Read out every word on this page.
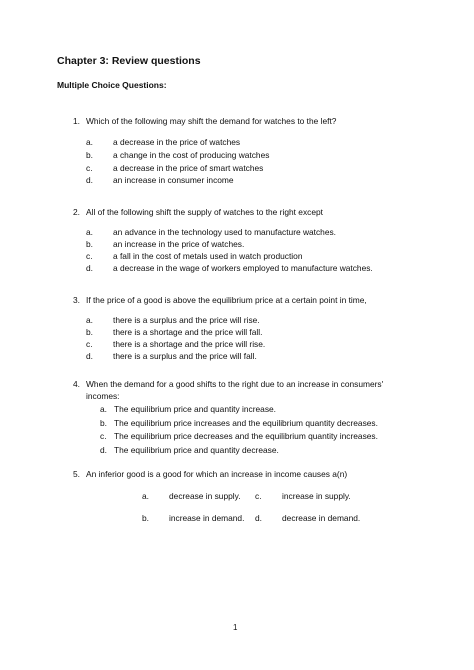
Chapter 3: Review questions
Multiple Choice Questions:
1. Which of the following may shift the demand for watches to the left?
a. a decrease in the price of watches
b. a change in the cost of producing watches
c. a decrease in the price of smart watches
d. an increase in consumer income
2. All of the following shift the supply of watches to the right except
a. an advance in the technology used to manufacture watches.
b. an increase in the price of watches.
c. a fall in the cost of metals used in watch production
d. a decrease in the wage of workers employed to manufacture watches.
3. If the price of a good is above the equilibrium price at a certain point in time,
a. there is a surplus and the price will rise.
b. there is a shortage and the price will fall.
c. there is a shortage and the price will rise.
d. there is a surplus and the price will fall.
4. When the demand for a good shifts to the right due to an increase in consumers'
incomes:
a. The equilibrium price and quantity increase.
b. The equilibrium price increases and the equilibrium quantity decreases.
c. The equilibrium price decreases and the equilibrium quantity increases.
d. The equilibrium price and quantity decrease.
5. An inferior good is a good for which an increase in income causes a(n)
a. decrease in supply. c. increase in supply.
b. increase in demand. d. decrease in demand.
1
